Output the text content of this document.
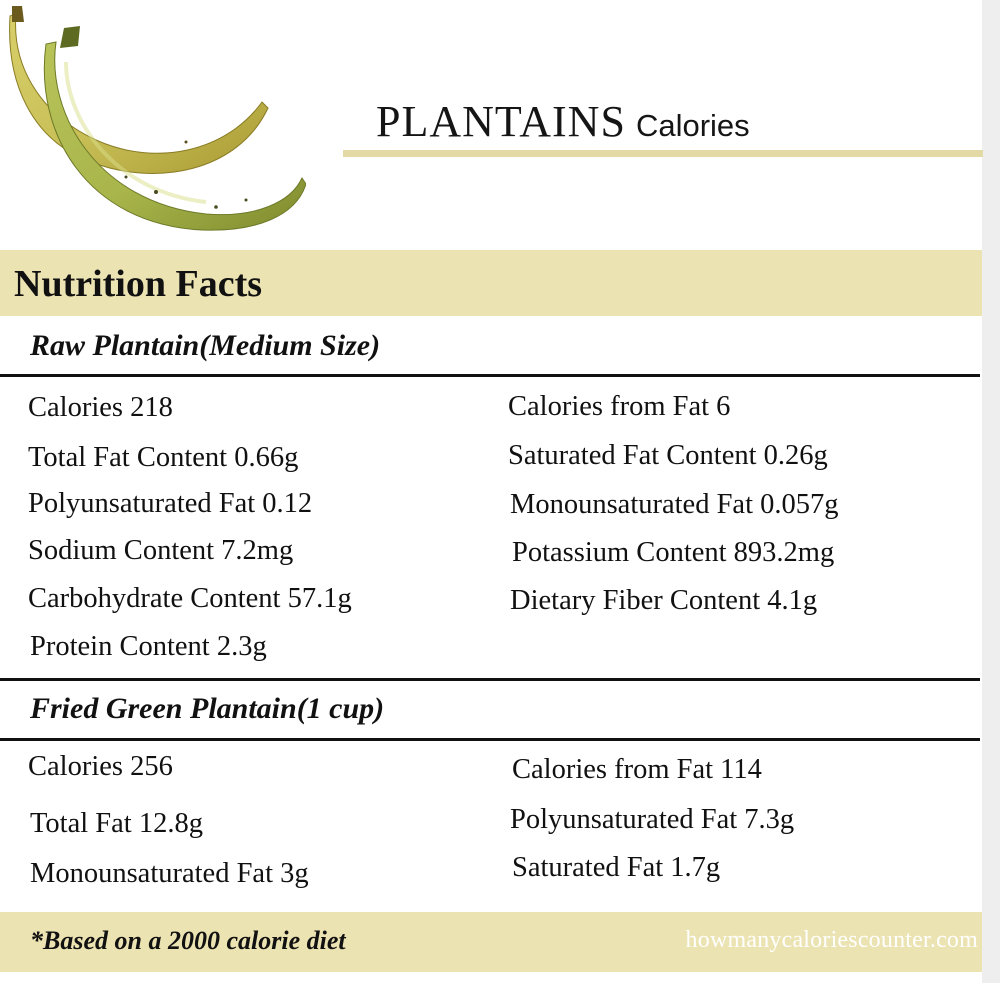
PLANTAINS Calories
Nutrition Facts
Raw Plantain(Medium Size)
Calories 218
Total Fat Content 0.66g
Polyunsaturated Fat 0.12
Sodium Content 7.2mg
Carbohydrate Content 57.1g
Protein Content 2.3g
Calories from Fat 6
Saturated Fat Content 0.26g
Monounsaturated Fat 0.057g
Potassium Content 893.2mg
Dietary Fiber Content 4.1g
Fried Green Plantain(1 cup)
Calories 256
Total Fat 12.8g
Monounsaturated Fat 3g
Calories from Fat 114
Polyunsaturated Fat 7.3g
Saturated Fat 1.7g
*Based on a 2000 calorie diet	howmanycaloriescounter.com
